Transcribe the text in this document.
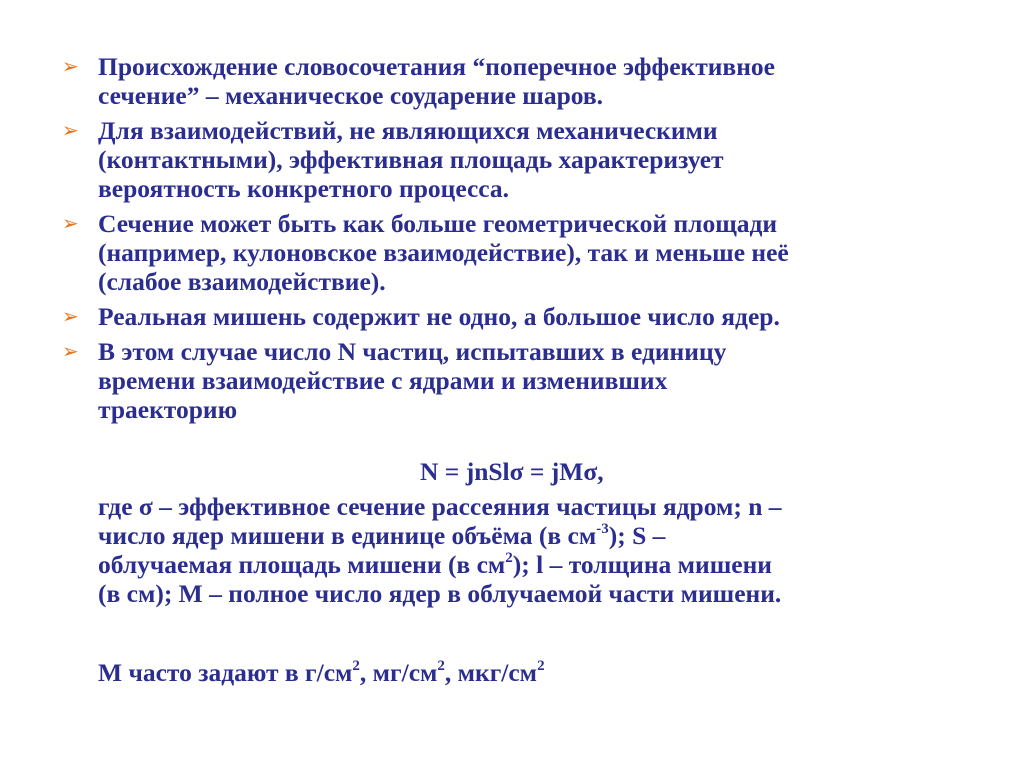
➢ Происхождение словосочетания “поперечное эффективное
сечение” – механическое соударение шаров.
➢ Для взаимодействий, не являющихся механическими
(контактными), эффективная площадь характеризует
вероятность конкретного процесса.
➢ Сечение может быть как больше геометрической площади
(например, кулоновское взаимодействие), так и меньше неё
(слабое взаимодействие).
➢ Реальная мишень содержит не одно, а большое число ядер.
➢ В этом случае число N частиц, испытавших в единицу
времени взаимодействие с ядрами и изменивших
траекторию
N = jnSlσ = jMσ,
где σ – эффективное сечение рассеяния частицы ядром; n –
число ядер мишени в единице объёма (в $см^{-3}$); S –
облучаемая площадь мишени (в $см^2$); l – толщина мишени
(в см); M – полное число ядер в облучаемой части мишени.
M часто задают в $г/см^2$, $мг/см^2$, мкг/$см^2$
